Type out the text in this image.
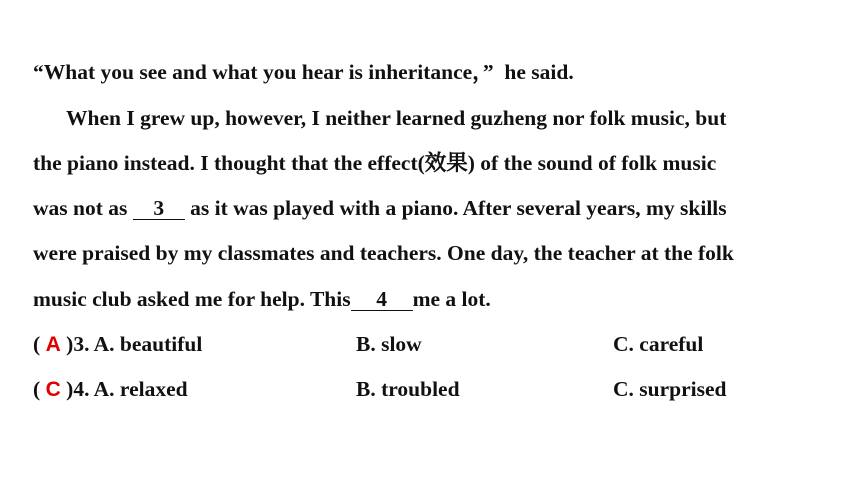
“What you see and what you hear is inheritance，”  he said.
When I grew up, however, I neither learned guzheng nor folk music, but
the piano instead. I thought that the effect(效果) of the sound of folk music
was not as 3 as it was played with a piano. After several years, my skills
were praised by my classmates and teachers. One day, the teacher at the folk
music club asked me for help. This 4 me a lot.
( A )3. A. beautiful	B. slow	C. careful
( C )4. A. relaxed	B. troubled	C. surprised
